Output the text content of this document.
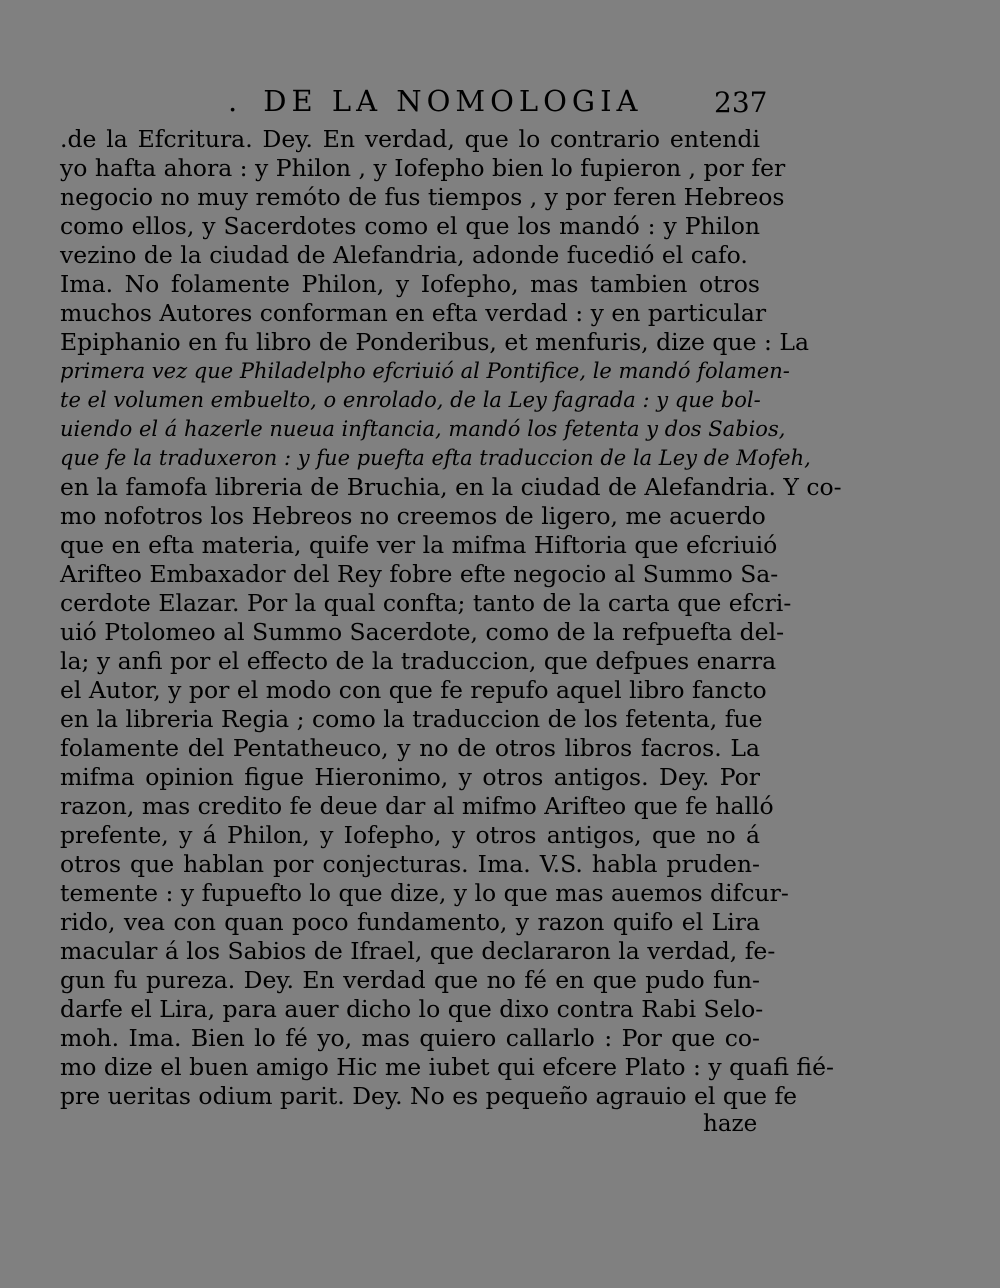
. DE LA NOMOLOGIA	237
.de la Efcritura. Dey. En verdad, que lo contrario entendi
yo hafta ahora : y Philon , y Iofepho bien lo fupieron , por fer
negocio no muy remóto de fus tiempos , y por feren Hebreos
como ellos, y Sacerdotes como el que los mandó : y Philon
vezino de la ciudad de Alefandria, adonde fucedió el cafo.
Ima. No folamente Philon, y Iofepho, mas tambien otros
muchos Autores conforman en efta verdad : y en particular
Epiphanio en fu libro de Ponderibus, et menfuris, dize que : La
primera vez que Philadelpho efcriuió al Pontifice, le mandó folamen-
te el volumen embuelto, o enrolado, de la Ley fagrada : y que bol-
uiendo el á hazerle nueua inftancia, mandó los fetenta y dos Sabios,
que fe la traduxeron : y fue puefta efta traduccion de la Ley de Mofeh,
en la famofa libreria de Bruchia, en la ciudad de Alefandria. Y co-
mo nofotros los Hebreos no creemos de ligero, me acuerdo
que en efta materia, quife ver la mifma Hiftoria que efcriuió
Arifteo Embaxador del Rey fobre efte negocio al Summo Sa-
cerdote Elazar. Por la qual confta; tanto de la carta que efcri-
uió Ptolomeo al Summo Sacerdote, como de la refpuefta del-
la; y anfi por el effecto de la traduccion, que defpues enarra
el Autor, y por el modo con que fe repufo aquel libro fancto
en la libreria Regia ; como la traduccion de los fetenta, fue
folamente del Pentatheuco, y no de otros libros facros. La
mifma opinion figue Hieronimo, y otros antigos. Dey. Por
razon, mas credito fe deue dar al mifmo Arifteo que fe halló
prefente, y á Philon, y Iofepho, y otros antigos, que no á
otros que hablan por conjecturas. Ima. V.S. habla pruden-
temente : y fupuefto lo que dize, y lo que mas auemos difcur-
rido, vea con quan poco fundamento, y razon quifo el Lira
macular á los Sabios de Ifrael, que declararon la verdad, fe-
gun fu pureza. Dey. En verdad que no fé en que pudo fun-
darfe el Lira, para auer dicho lo que dixo contra Rabi Selo-
moh. Ima. Bien lo fé yo, mas quiero callarlo : Por que co-
mo dize el buen amigo Hic me iubet qui efcere Plato : y quafi fié-
pre ueritas odium parit. Dey. No es pequeño agrauio el que fe
haze
